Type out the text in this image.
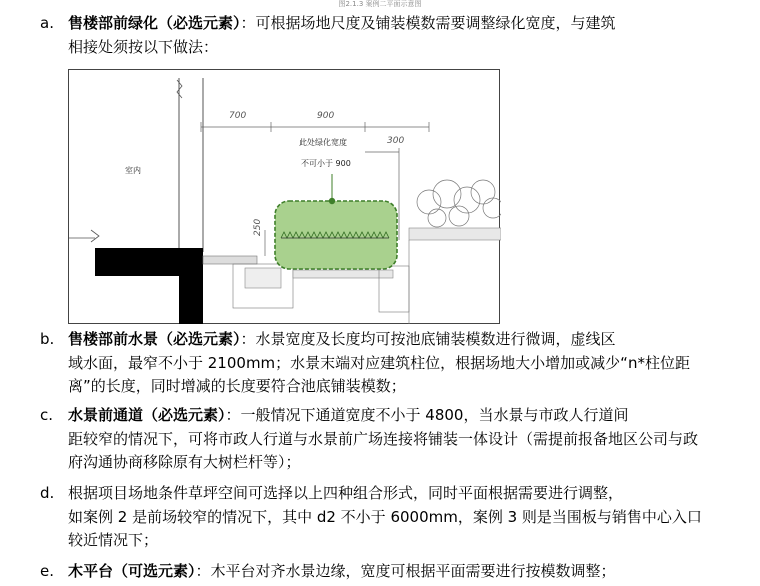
图2.1.3 案例二平面示意图
a. 售楼部前绿化（必选元素）：可根据场地尺度及铺装模数需要调整绿化宽度，与建筑
相接处须按以下做法：
室内
此处绿化宽度
不可小于 900
700	900
300
250
b. 售楼部前水景（必选元素）：水景宽度及长度均可按池底铺装模数进行微调，虚线区
域水面，最窄不小于 2100mm；水景末端对应建筑柱位，根据场地大小增加或减少“n*柱位距离”的长度，同时增减的长度要符合池底铺装模数；
c. 水景前通道（必选元素）：一般情况下通道宽度不小于 4800，当水景与市政人行道间
距较窄的情况下，可将市政人行道与水景前广场连接将铺装一体设计（需提前报备地区公司与政府沟通协商移除原有大树栏杆等）；
d. 根据项目场地条件草坪空间可选择以上四种组合形式，同时平面根据需要进行调整，
如案例 2 是前场较窄的情况下，其中 d2 不小于 6000mm，案例 3 则是当围板与销售中心入口较近情况下；
e. 木平台（可选元素）：木平台对齐水景边缘，宽度可根据平面需要进行按模数调整；
